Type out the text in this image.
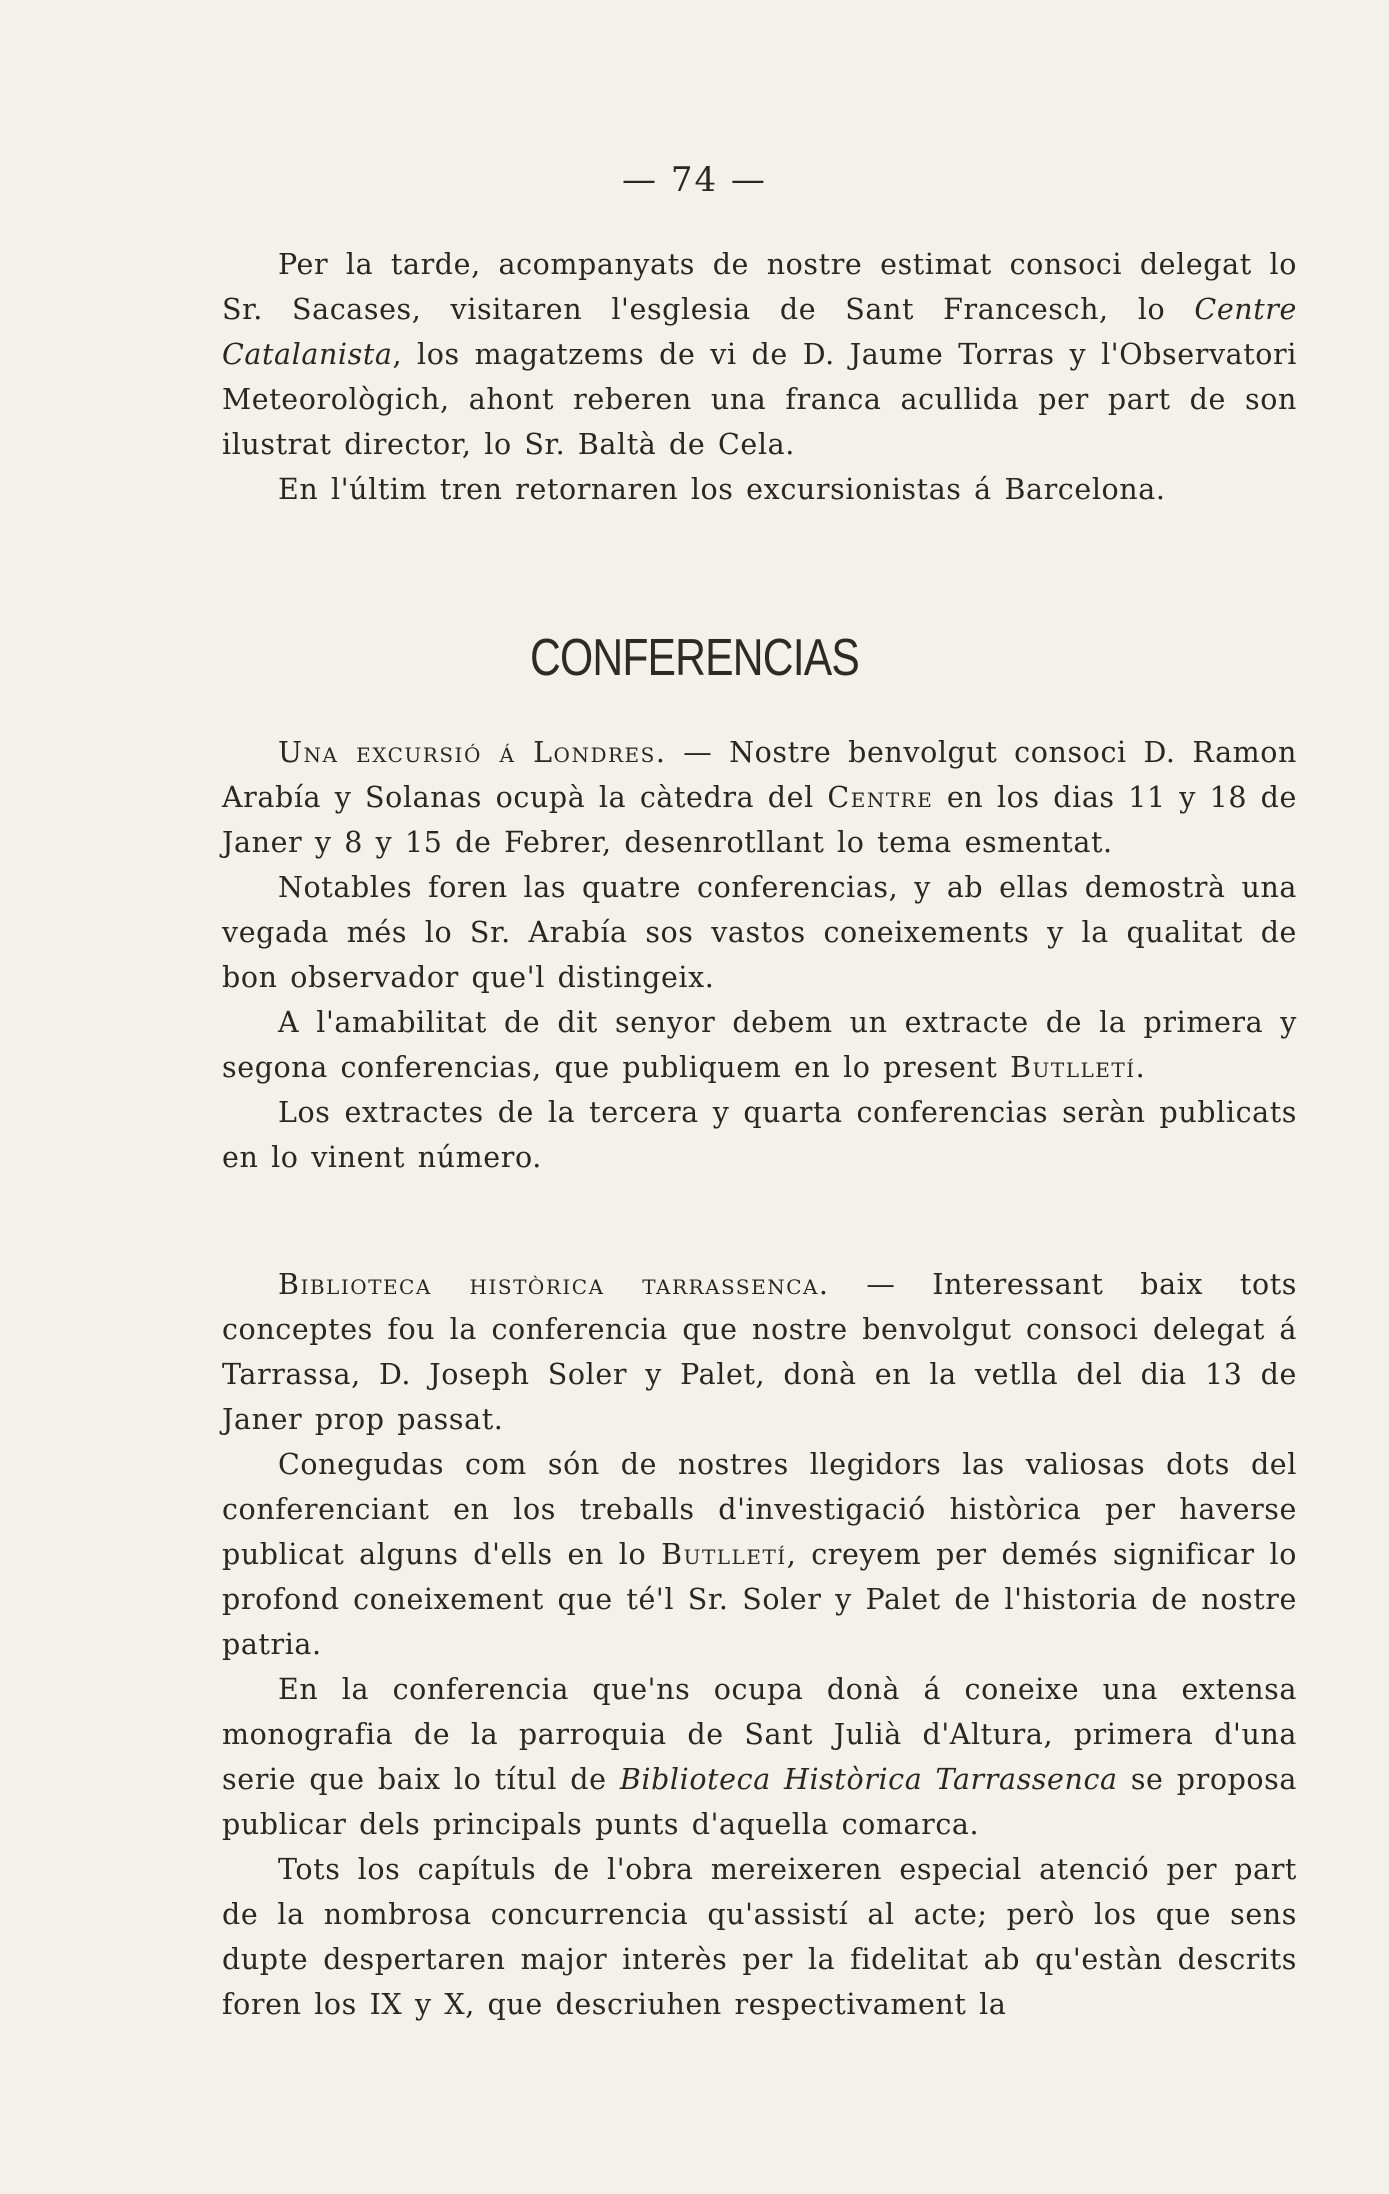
— 74 —

Per la tarde, acompanyats de nostre estimat consoci delegat lo Sr. Sacases, visitaren l'esglesia de Sant Francesch, lo Centre Catalanista, los magatzems de vi de D. Jaume Torras y l'Observatori Meteorològich, ahont reberen una franca acullida per part de son ilustrat director, lo Sr. Baltà de Cela.

En l'últim tren retornaren los excursionistas á Barcelona.

CONFERENCIAS

Una excursió á Londres. — Nostre benvolgut consoci D. Ramon Arabía y Solanas ocupà la càtedra del Centre en los dias 11 y 18 de Janer y 8 y 15 de Febrer, desenrotllant lo tema esmentat.

Notables foren las quatre conferencias, y ab ellas demostrà una vegada més lo Sr. Arabía sos vastos coneixements y la qualitat de bon observador que'l distingeix.

A l'amabilitat de dit senyor debem un extracte de la primera y segona conferencias, que publiquem en lo present Butlletí.

Los extractes de la tercera y quarta conferencias seràn publicats en lo vinent número.

Biblioteca històrica tarrassenca. — Interessant baix tots conceptes fou la conferencia que nostre benvolgut consoci delegat á Tarrassa, D. Joseph Soler y Palet, donà en la vetlla del dia 13 de Janer prop passat.

Conegudas com són de nostres llegidors las valiosas dots del conferenciant en los treballs d'investigació històrica per haverse publicat alguns d'ells en lo Butlletí, creyem per demés significar lo profond coneixement que té'l Sr. Soler y Palet de l'historia de nostre patria.

En la conferencia que'ns ocupa donà á coneixe una extensa monografia de la parroquia de Sant Julià d'Altura, primera d'una serie que baix lo títul de Biblioteca Històrica Tarrassenca se proposa publicar dels principals punts d'aquella comarca.

Tots los capítuls de l'obra mereixeren especial atenció per part de la nombrosa concurrencia qu'assistí al acte; però los que sens dupte despertaren major interès per la fidelitat ab qu'estàn descrits foren los IX y X, que descriuhen respectivament la
